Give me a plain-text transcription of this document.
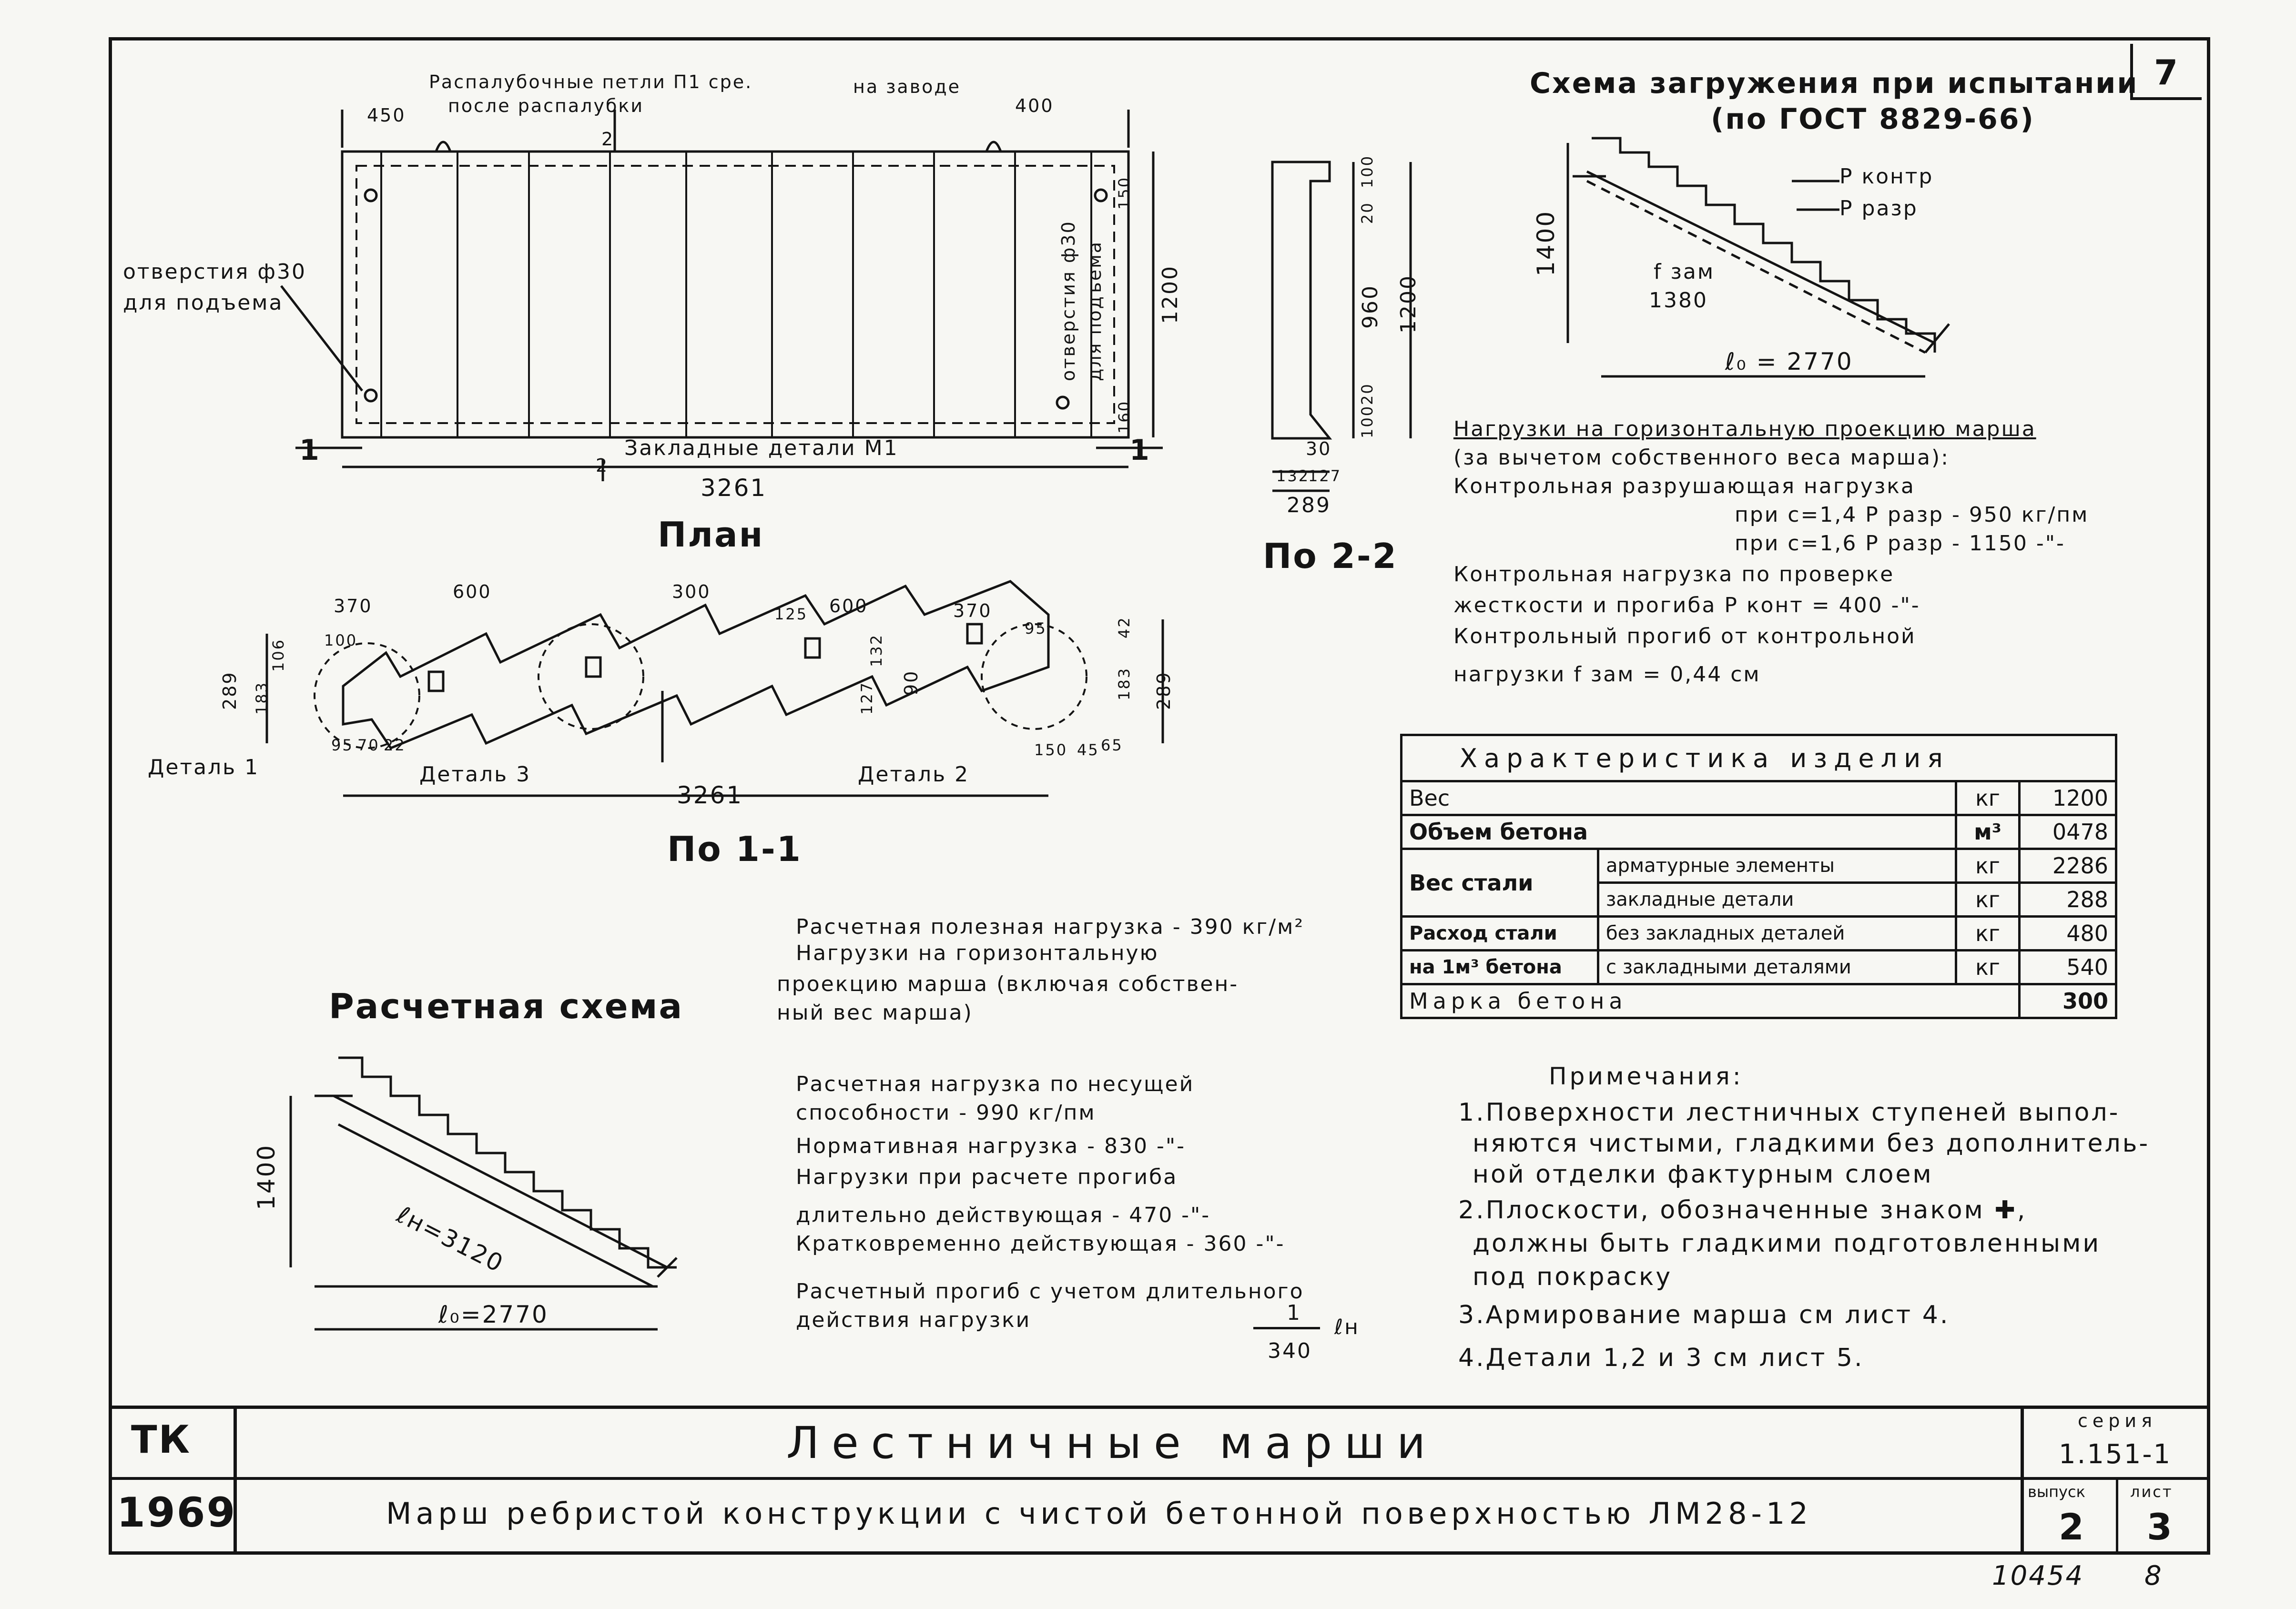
7
Распалубочные петли П1 сре.
после распалубки
на заводе
450	400
2
отверстия ф30
для подъема	отверстия ф30 для подъема
150
1200
160
Закладные детали М1
2
1	1
3261
План
100
20
960 1200
20
100
30
132
127
289
По 2-2
370
100
600	300
125 600	370
95
289 183
106	132
127 90
42
183 289
95 70 22	150 45 65
Деталь 1	Деталь 3	Деталь 2
3261
По 1-1
Схема загружения при испытании
(по ГОСТ 8829-66)
Р контр
Р разр
1400	f зам
1380
ℓ₀ = 2770
Нагрузки на горизонтальную проекцию марша
(за вычетом собственного веса марша):
Контрольная разрушающая нагрузка
при с=1,4 Р разр - 950 кг/пм
при с=1,6 Р разр - 1150 -"-
Контрольная нагрузка по проверке
жесткости и прогиба Р конт = 400 -"-
Контрольный прогиб от контрольной
нагрузки f зам = 0,44 см
Характеристика изделия			
Вес		кг	1200
Объем бетона		м³	0478
Вес стали	арматурные элементы	кг	2286
	закладные детали	кг	288
Расход стали	без закладных деталей	кг	480
на 1м³ бетона	с закладными деталями	кг	540
Марка бетона			300
Расчетная схема
1400
ℓн=3120
ℓ₀=2770
Расчетная полезная нагрузка - 390 кг/м²
Нагрузки на горизонтальную
проекцию марша (включая собствен-
ный вес марша)
Расчетная нагрузка по несущей
способности - 990 кг/пм
Нормативная нагрузка - 830 -"-
Нагрузки при расчете прогиба
длительно действующая - 470 -"-
Кратковременно действующая - 360 -"-
Расчетный прогиб с учетом длительного
действия нагрузки	1
340
ℓн
Примечания:
1.Поверхности лестничных ступеней выпол-
няются чистыми, гладкими без дополнитель-
ной отделки фактурным слоем
2.Плоскости, обозначенные знаком ✚,
должны быть гладкими подготовленными
под покраску
3.Армирование марша см лист 4.
4.Детали 1,2 и 3 см лист 5.
ТК
1969
Лестничные марши
Марш ребристой конструкции с чистой бетонной поверхностью ЛМ28-12
серия
1.151-1
выпуск
2
лист
3
10454 8
